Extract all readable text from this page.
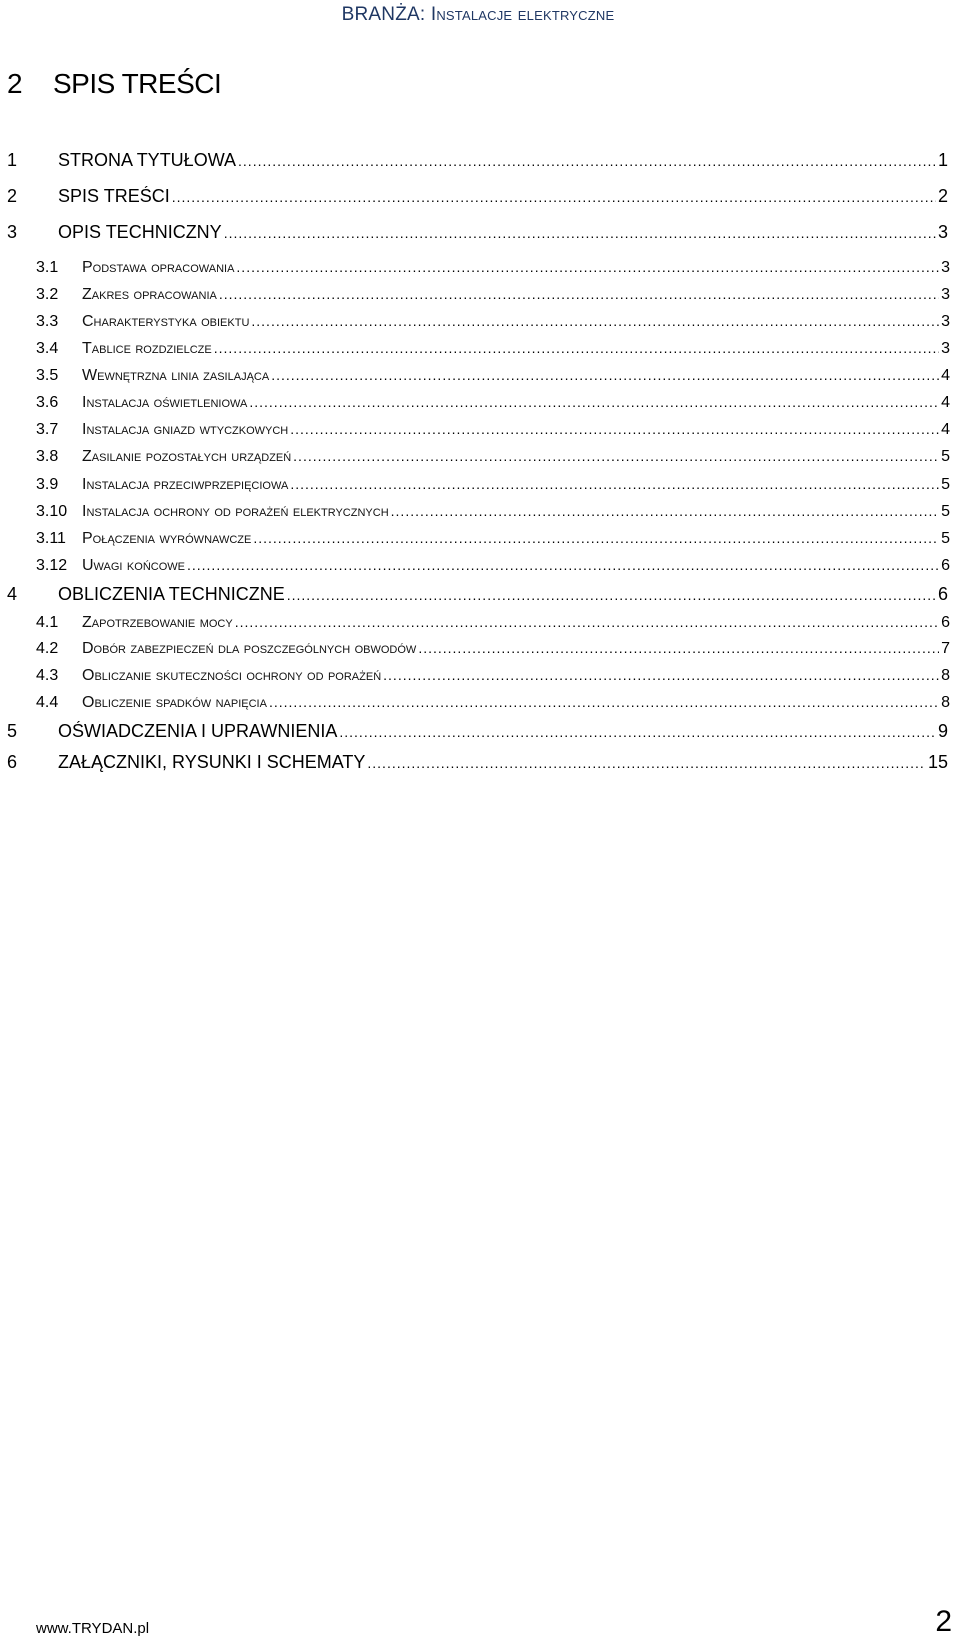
BRANŻA: Instalacje elektryczne
2 SPIS TREŚCI
1	STRONA TYTUŁOWA .....	1
2	SPIS TREŚCI .....	2
3	OPIS TECHNICZNY .....	3
3.1	Podstawa opracowania .....	3
3.2	Zakres opracowania .....	3
3.3	Charakterystyka obiektu .....	3
3.4	Tablice rozdzielcze .....	3
3.5	Wewnętrzna linia zasilająca .....	4
3.6	Instalacja oświetleniowa .....	4
3.7	Instalacja gniazd wtyczkowych .....	4
3.8	Zasilanie pozostałych urządzeń .....	5
3.9	Instalacja przeciwprzepięciowa .....	5
3.10 Instalacja ochrony od porażeń elektrycznych .....	5
3.11	Połączenia wyrównawcze .....	5
3.12 Uwagi końcowe .....	6
4	OBLICZENIA TECHNICZNE .....	6
4.1	Zapotrzebowanie mocy .....	6
4.2	Dobór zabezpieczeń dla poszczególnych obwodów .....	7
4.3	Obliczanie skuteczności ochrony od porażeń .....	8
4.4	Obliczenie spadków napięcia .....	8
5	OŚWIADCZENIA I UPRAWNIENIA .....	9
6	ZAŁĄCZNIKI, RYSUNKI I SCHEMATY .....	15
www.TRYDAN.pl	2
